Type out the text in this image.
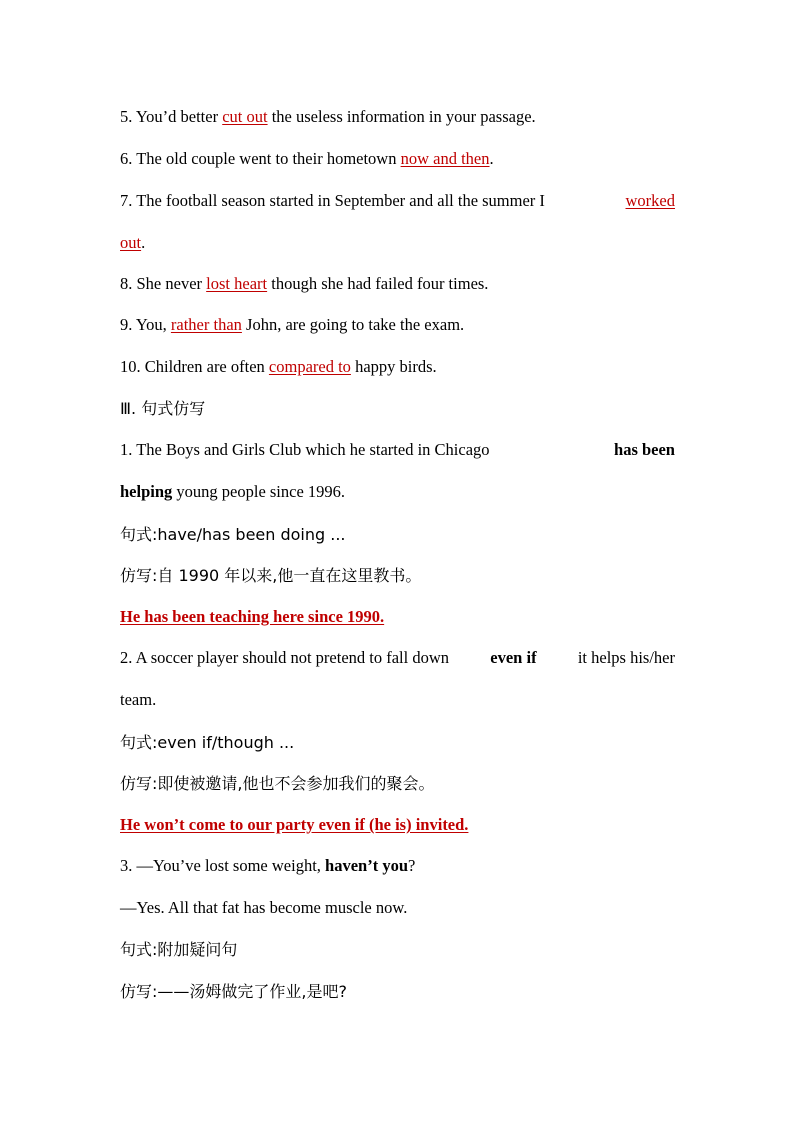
5. You’d better cut out the useless information in your passage.
6. The old couple went to their hometown now and then.
7. The football season started in September and all the summer I	worked
out.
8. She never lost heart though she had failed four times.
9. You, rather than John, are going to take the exam.
10. Children are often compared to happy birds.
Ⅲ. 句式仿写
1. The Boys and Girls Club which he started in Chicago	has been
helping young people since 1996.
句式:have/has been doing ...
仿写:自 1990 年以来,他一直在这里教书。
He has been teaching here since 1990.
2. A soccer player should not pretend to fall down	even if	it helps his/her
team.
句式:even if/though ...
仿写:即使被邀请,他也不会参加我们的聚会。
He won’t come to our party even if (he is) invited.
3. —You’ve lost some weight, haven’t you?
—Yes. All that fat has become muscle now.
句式:附加疑问句
仿写:——汤姆做完了作业,是吧?
